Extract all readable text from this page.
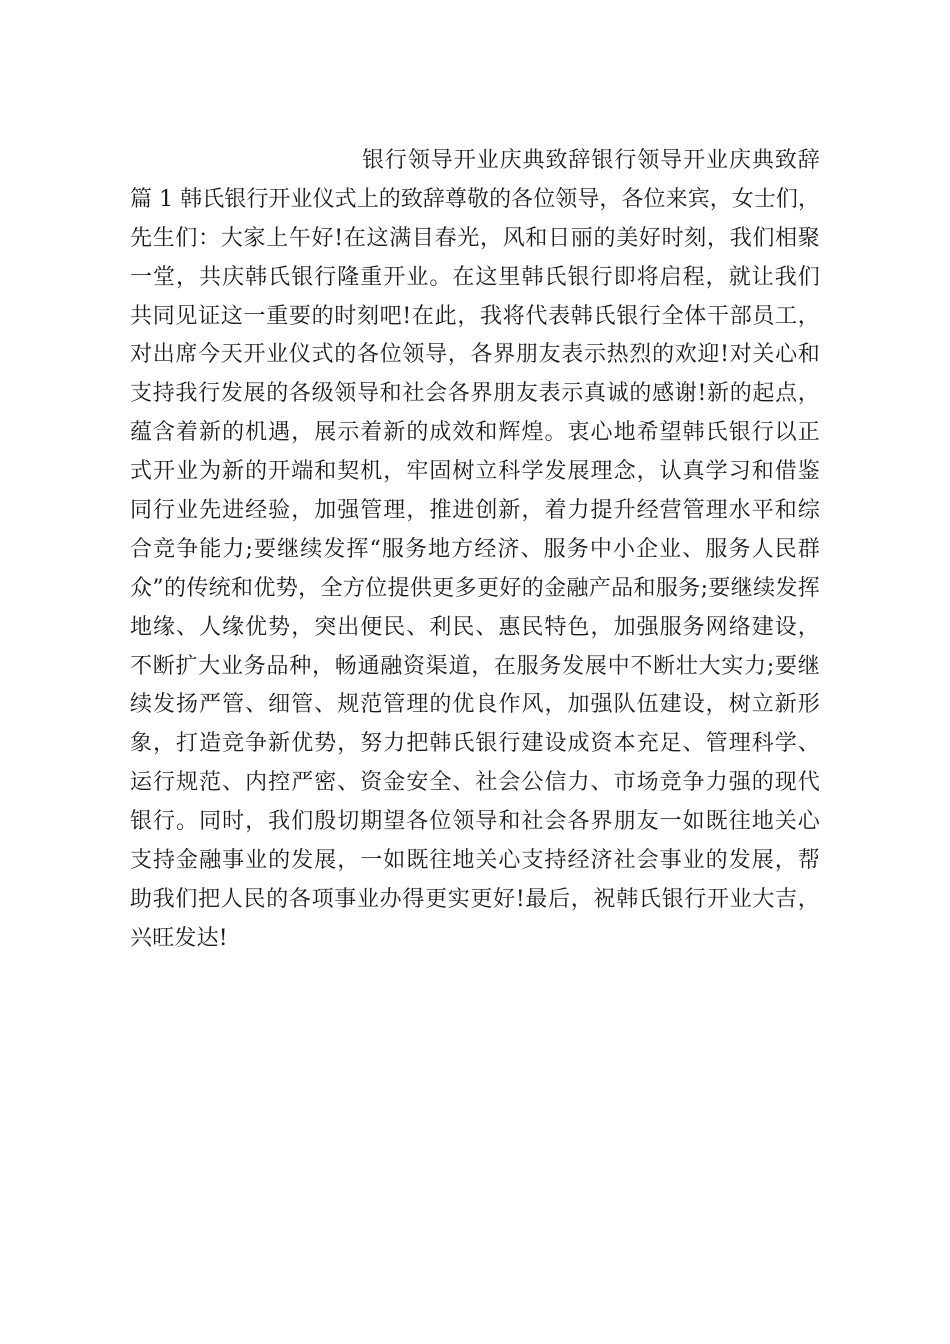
银行领导开业庆典致辞银行领导开业庆典致辞
篇 1 韩氏银行开业仪式上的致辞尊敬的各位领导，各位来宾，女士们，
先生们：大家上午好!在这满目春光，风和日丽的美好时刻，我们相聚
一堂，共庆韩氏银行隆重开业。在这里韩氏银行即将启程，就让我们
共同见证这一重要的时刻吧!在此，我将代表韩氏银行全体干部员工，
对出席今天开业仪式的各位领导，各界朋友表示热烈的欢迎!对关心和
支持我行发展的各级领导和社会各界朋友表示真诚的感谢!新的起点，
蕴含着新的机遇，展示着新的成效和辉煌。衷心地希望韩氏银行以正
式开业为新的开端和契机，牢固树立科学发展理念，认真学习和借鉴
同行业先进经验，加强管理，推进创新，着力提升经营管理水平和综
合竞争能力;要继续发挥“服务地方经济、服务中小企业、服务人民群
众”的传统和优势，全方位提供更多更好的金融产品和服务;要继续发挥
地缘、人缘优势，突出便民、利民、惠民特色，加强服务网络建设，
不断扩大业务品种，畅通融资渠道，在服务发展中不断壮大实力;要继
续发扬严管、细管、规范管理的优良作风，加强队伍建设，树立新形
象，打造竞争新优势，努力把韩氏银行建设成资本充足、管理科学、
运行规范、内控严密、资金安全、社会公信力、市场竞争力强的现代
银行。同时，我们殷切期望各位领导和社会各界朋友一如既往地关心
支持金融事业的发展，一如既往地关心支持经济社会事业的发展，帮
助我们把人民的各项事业办得更实更好!最后，祝韩氏银行开业大吉，
兴旺发达!
